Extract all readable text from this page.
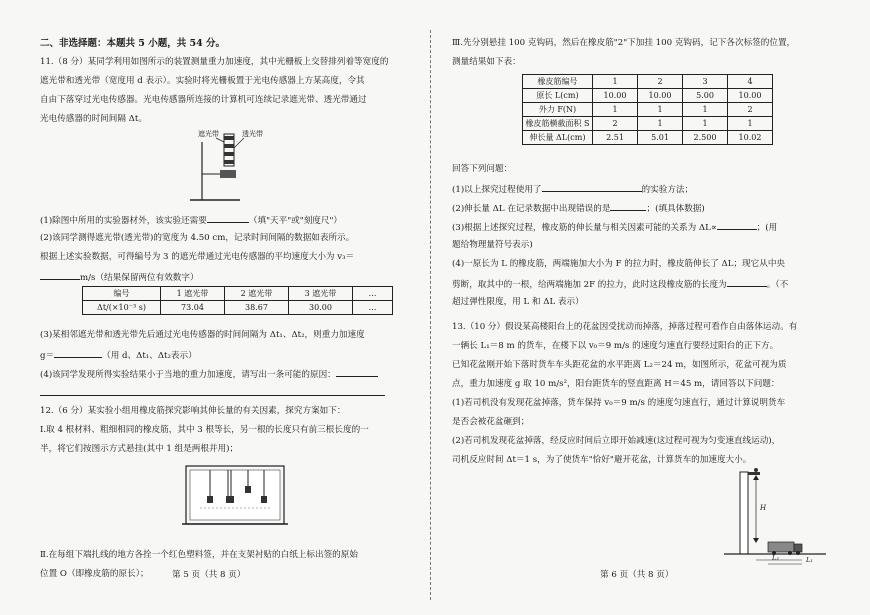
二、非选择题：本题共 5 小题，共 54 分。
11.（8 分）某同学利用如图所示的装置测量重力加速度，其中光栅板上交替排列着等宽度的
遮光带和透光带（宽度用 d 表示）。实验时将光栅板置于光电传感器上方某高度，令其
自由下落穿过光电传感器。光电传感器所连接的计算机可连续记录遮光带、透光带通过
光电传感器的时间间隔 Δt。
遮光带	透光带
(1)除图中所用的实验器材外，该实验还需要	（填"天平"或"刻度尺"）
(2)该同学测得遮光带(透光带)的宽度为 4.50 cm，记录时间间隔的数据如表所示。
根据上述实验数据，可得编号为 3 的遮光带通过光电传感器的平均速度大小为 v₃＝
m/s（结果保留两位有效数字）
编号	1 遮光带	2 遮光带	3 遮光带	…
Δt/(×10⁻³ s)	73.04	38.67	30.00	…
(3)某相邻遮光带和透光带先后通过光电传感器的时间间隔为 Δt₁、Δt₂，则重力加速度
g＝	（用 d、Δt₁、Δt₂表示）
(4)该同学发现所得实验结果小于当地的重力加速度，请写出一条可能的原因：
12.（6 分）某实验小组用橡皮筋探究影响其伸长量的有关因素，探究方案如下：
Ⅰ.取 4 根材料、粗细相同的橡皮筋，其中 3 根等长，另一根的长度只有前三根长度的一
半，将它们按图示方式悬挂(其中 1 组是两根并用)；
Ⅱ.在每组下端扎线的地方各拴一个红色塑料签，并在支架衬贴的白纸上标出签的原始
位置 O（即橡皮筋的原长）；	第 5 页（共 8 页）
Ⅲ.先分别悬挂 100 克钩码，然后在橡皮筋"2"下加挂 100 克钩码，记下各次标签的位置，
测量结果如下表：
橡皮筋编号	1	2	3	4
原长 L(cm)	10.00	10.00	5.00	10.00
外力 F(N)	1	1	1	2
橡皮筋横截面积 S	2	1	1	1
伸长量 ΔL(cm)	2.51	5.01	2.500	10.02
回答下列问题：
(1)以上探究过程使用了	的实验方法；
(2)伸长量 ΔL 在记录数据中出现错误的是	；(填具体数据)
(3)根据上述探究过程，橡皮筋的伸长量与相关因素可能的关系为 ΔL∝	；(用
题给物理量符号表示)
(4)一原长为 L 的橡皮筋，两端施加大小为 F 的拉力时，橡皮筋伸长了 ΔL；现它从中央
剪断，取其中的一根，给两端施加 2F 的拉力，此时这段橡皮筋的长度为	。（不
超过弹性限度，用 L 和 ΔL 表示）
13.（10 分）假设某高楼阳台上的花盆因受扰动而掉落，掉落过程可看作自由落体运动。有
一辆长 L₁＝8 m 的货车，在楼下以 v₀＝9 m/s 的速度匀速直行要经过阳台的正下方。
已知花盆刚开始下落时货车车头距花盆的水平距离 L₂＝24 m，如图所示，花盆可视为质
点，重力加速度 g 取 10 m/s²，阳台距货车的竖直距离 H＝45 m，请回答以下问题：
(1)若司机没有发现花盆掉落，货车保持 v₀＝9 m/s 的速度匀速直行，通过计算说明货车
是否会被花盆砸到；
(2)若司机发现花盆掉落，经反应时间后立即开始减速(这过程可视为匀变速直线运动)，
司机反应时间 Δt＝1 s，为了使货车"恰好"避开花盆，计算货车的加速度大小。
H
L₂	L₁
第 6 页（共 8 页）
